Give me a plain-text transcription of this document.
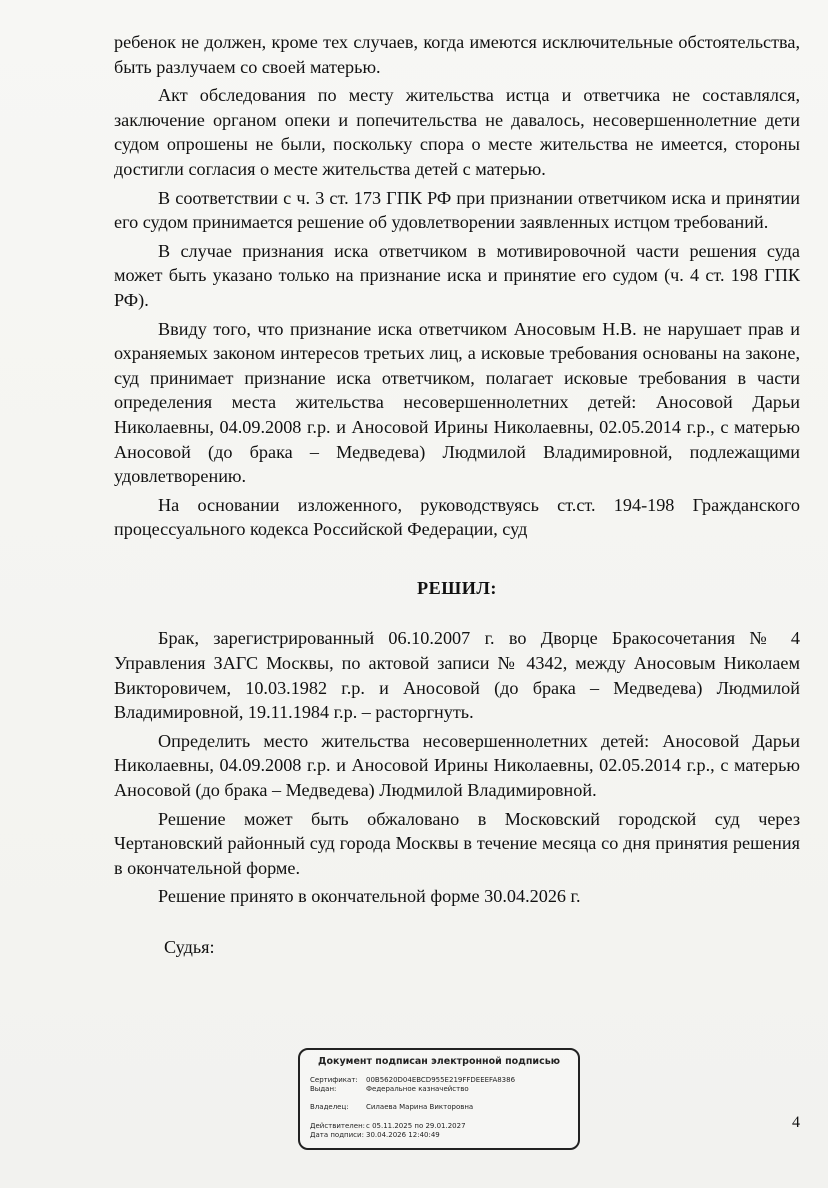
ребенок не должен, кроме тех случаев, когда имеются исключительные обстоятельства, быть разлучаем со своей матерью.

Акт обследования по месту жительства истца и ответчика не составлялся, заключение органом опеки и попечительства не давалось, несовершеннолетние дети судом опрошены не были, поскольку спора о месте жительства не имеется, стороны достигли согласия о месте жительства детей с матерью.

В соответствии с ч. 3 ст. 173 ГПК РФ при признании ответчиком иска и принятии его судом принимается решение об удовлетворении заявленных истцом требований.

В случае признания иска ответчиком в мотивировочной части решения суда может быть указано только на признание иска и принятие его судом (ч. 4 ст. 198 ГПК РФ).

Ввиду того, что признание иска ответчиком Аносовым Н.В. не нарушает прав и охраняемых законом интересов третьих лиц, а исковые требования основаны на законе, суд принимает признание иска ответчиком, полагает исковые требования в части определения места жительства несовершеннолетних детей: Аносовой Дарьи Николаевны, 04.09.2008 г.р. и Аносовой Ирины Николаевны, 02.05.2014 г.р., с матерью Аносовой (до брака – Медведева) Людмилой Владимировной, подлежащими удовлетворению.

На основании изложенного, руководствуясь ст.ст. 194-198 Гражданского процессуального кодекса Российской Федерации, суд

РЕШИЛ:

Брак, зарегистрированный 06.10.2007 г. во Дворце Бракосочетания № 4 Управления ЗАГС Москвы, по актовой записи № 4342, между Аносовым Николаем Викторовичем, 10.03.1982 г.р. и Аносовой (до брака – Медведева) Людмилой Владимировной, 19.11.1984 г.р. – расторгнуть.

Определить место жительства несовершеннолетних детей: Аносовой Дарьи Николаевны, 04.09.2008 г.р. и Аносовой Ирины Николаевны, 02.05.2014 г.р., с матерью Аносовой (до брака – Медведева) Людмилой Владимировной.

Решение может быть обжаловано в Московский городской суд через Чертановский районный суд города Москвы в течение месяца со дня принятия решения в окончательной форме.

Решение принято в окончательной форме 30.04.2026 г.

Судья:
Документ подписан электронной подписью
Сертификат: 00B5620D04EBCD955E219FFDEEEFA8386
Выдан:	Федеральное казначейство
Владелец: Силаева Марина Викторовна
Действителен:с 05.11.2025 по 29.01.2027
Дата подписи: 30.04.2026 12:40:49
4
